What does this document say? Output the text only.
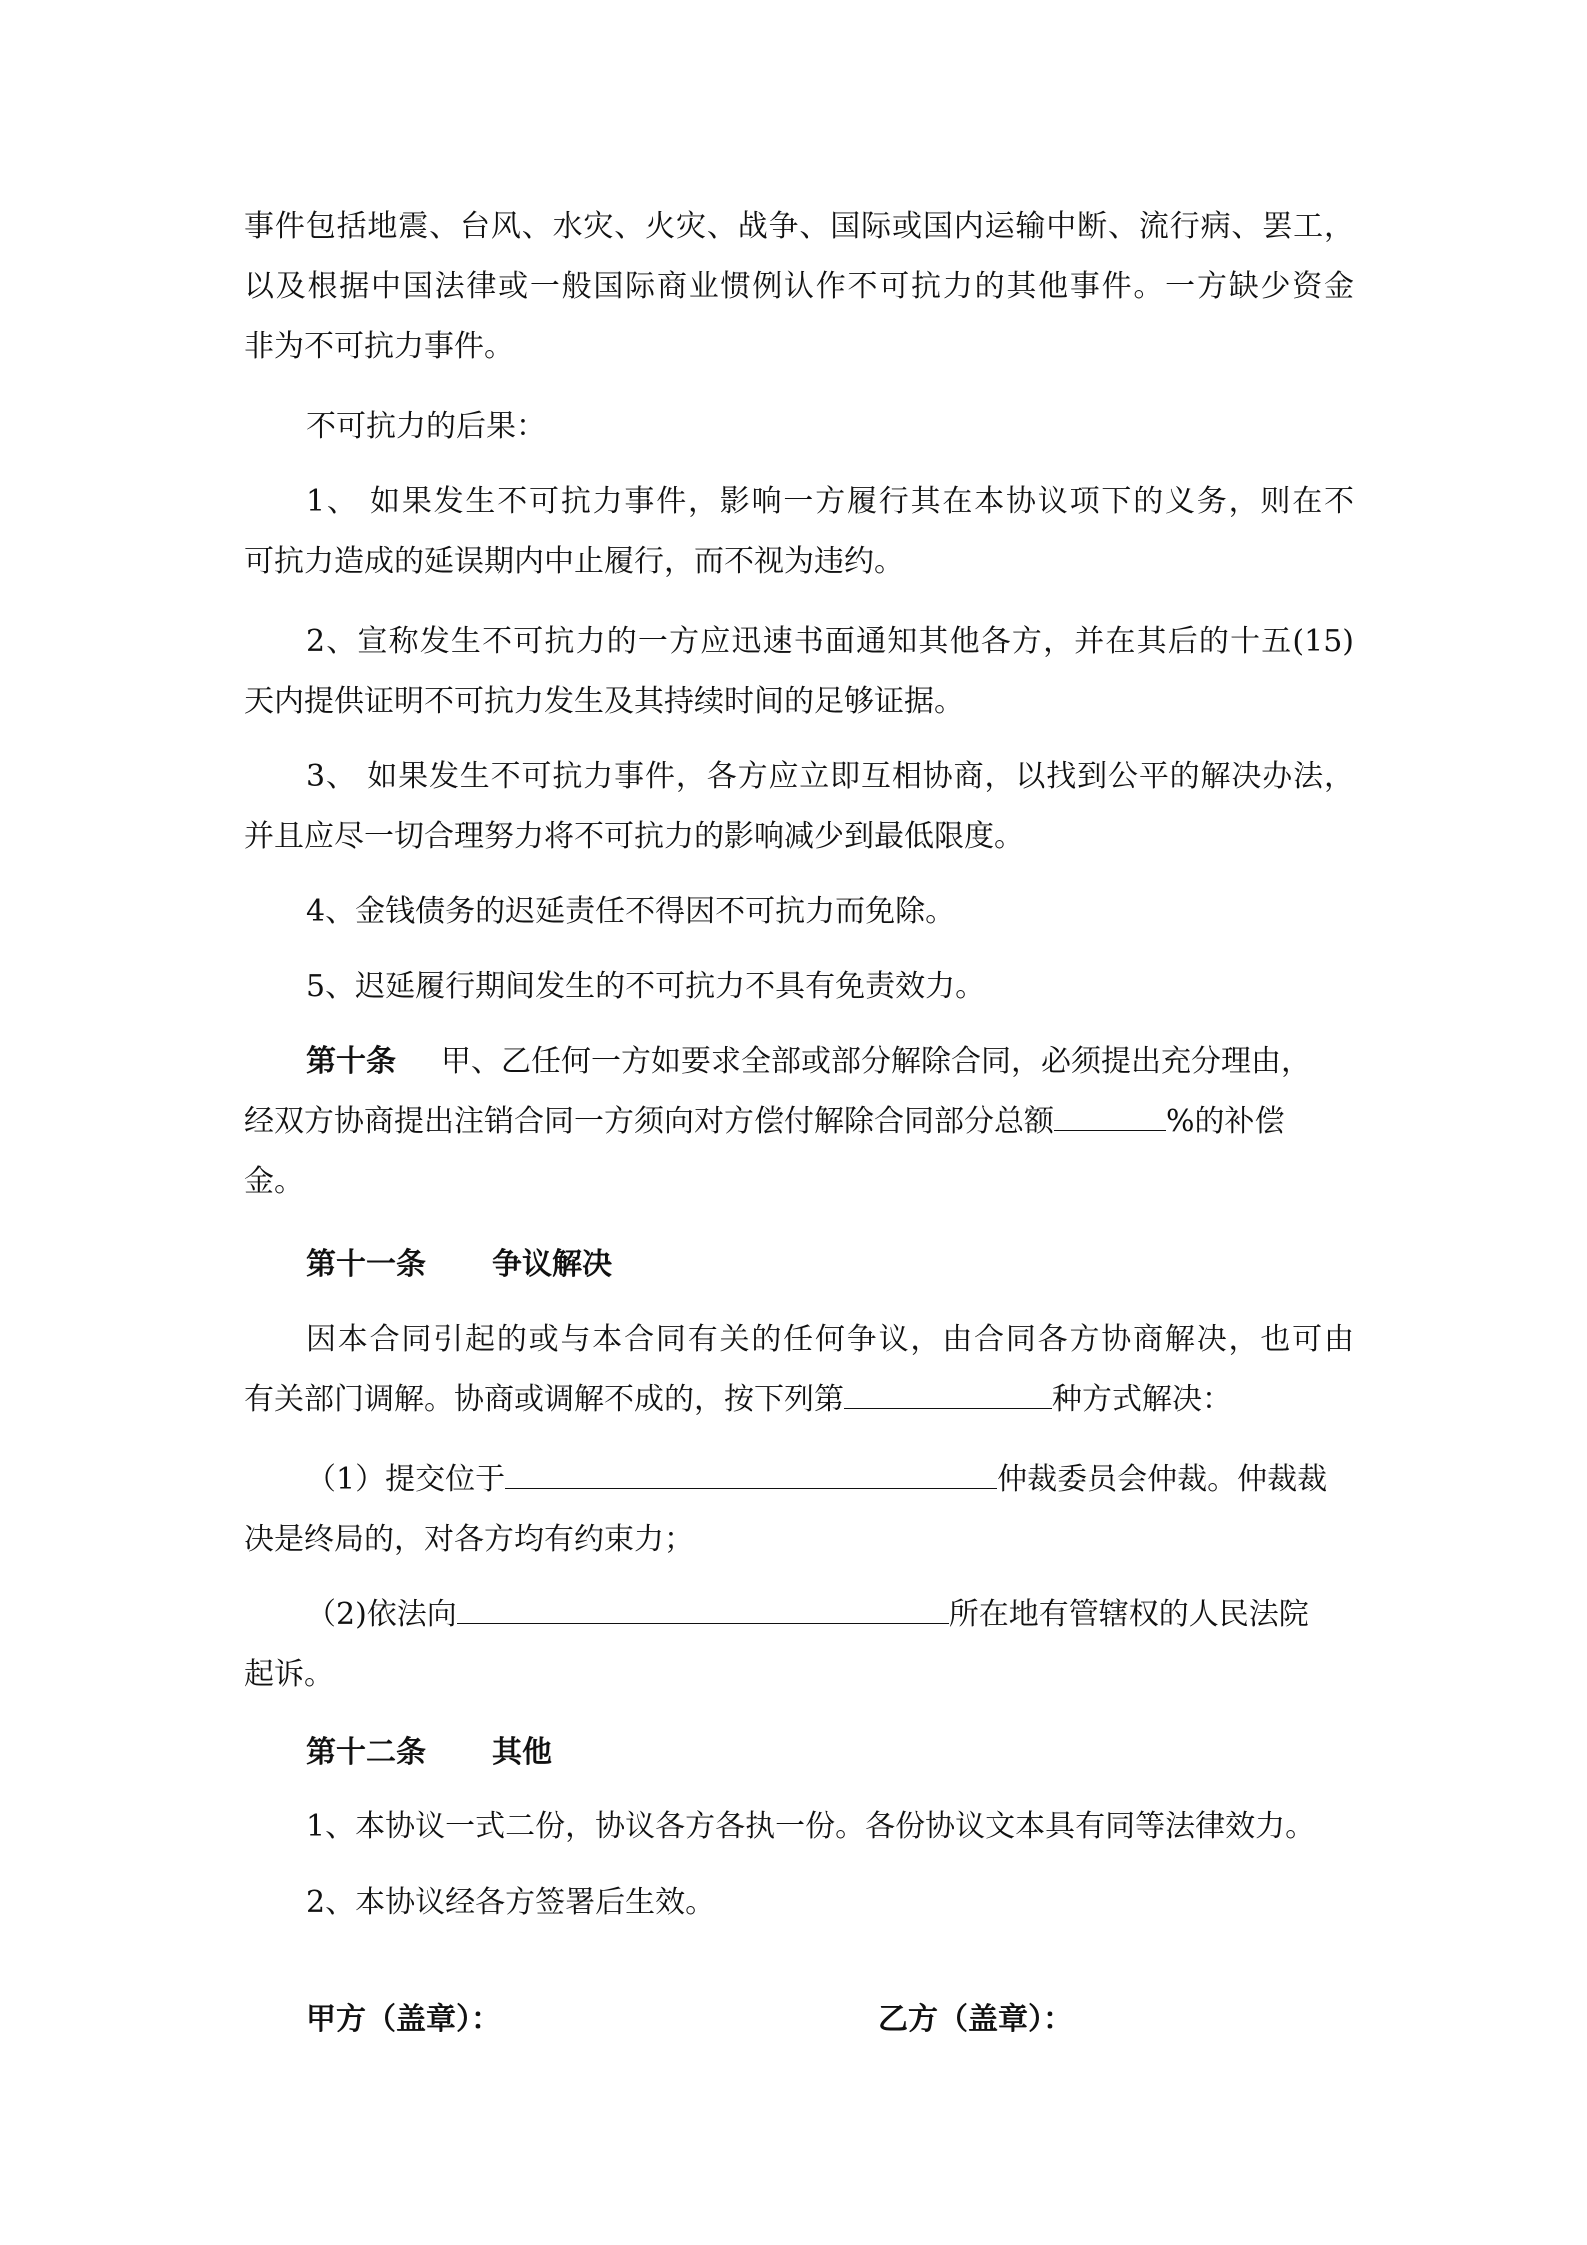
事件包括地震、台风、水灾、火灾、战争、国际或国内运输中断、流行病、罢工，
以及根据中国法律或一般国际商业惯例认作不可抗力的其他事件。一方缺少资金
非为不可抗力事件。
不可抗力的后果：
1、 如果发生不可抗力事件，影响一方履行其在本协议项下的义务，则在不
可抗力造成的延误期内中止履行，而不视为违约。
2、宣称发生不可抗力的一方应迅速书面通知其他各方，并在其后的十五(15)
天内提供证明不可抗力发生及其持续时间的足够证据。
3、 如果发生不可抗力事件，各方应立即互相协商，以找到公平的解决办法，
并且应尽一切合理努力将不可抗力的影响减少到最低限度。
4、金钱债务的迟延责任不得因不可抗力而免除。
5、迟延履行期间发生的不可抗力不具有免责效力。
第十条 甲、乙任何一方如要求全部或部分解除合同，必须提出充分理由，
经双方协商提出注销合同一方须向对方偿付解除合同部分总额	%的补偿
金。
第十一条 争议解决
因本合同引起的或与本合同有关的任何争议，由合同各方协商解决，也可由
有关部门调解。协商或调解不成的，按下列第	种方式解决：
（1）提交位于	仲裁委员会仲裁。仲裁裁
决是终局的，对各方均有约束力；
（2)依法向	所在地有管辖权的人民法院
起诉。
第十二条 其他
1、本协议一式二份，协议各方各执一份。各份协议文本具有同等法律效力。
2、本协议经各方签署后生效。
甲方（盖章）：	乙方（盖章）：
